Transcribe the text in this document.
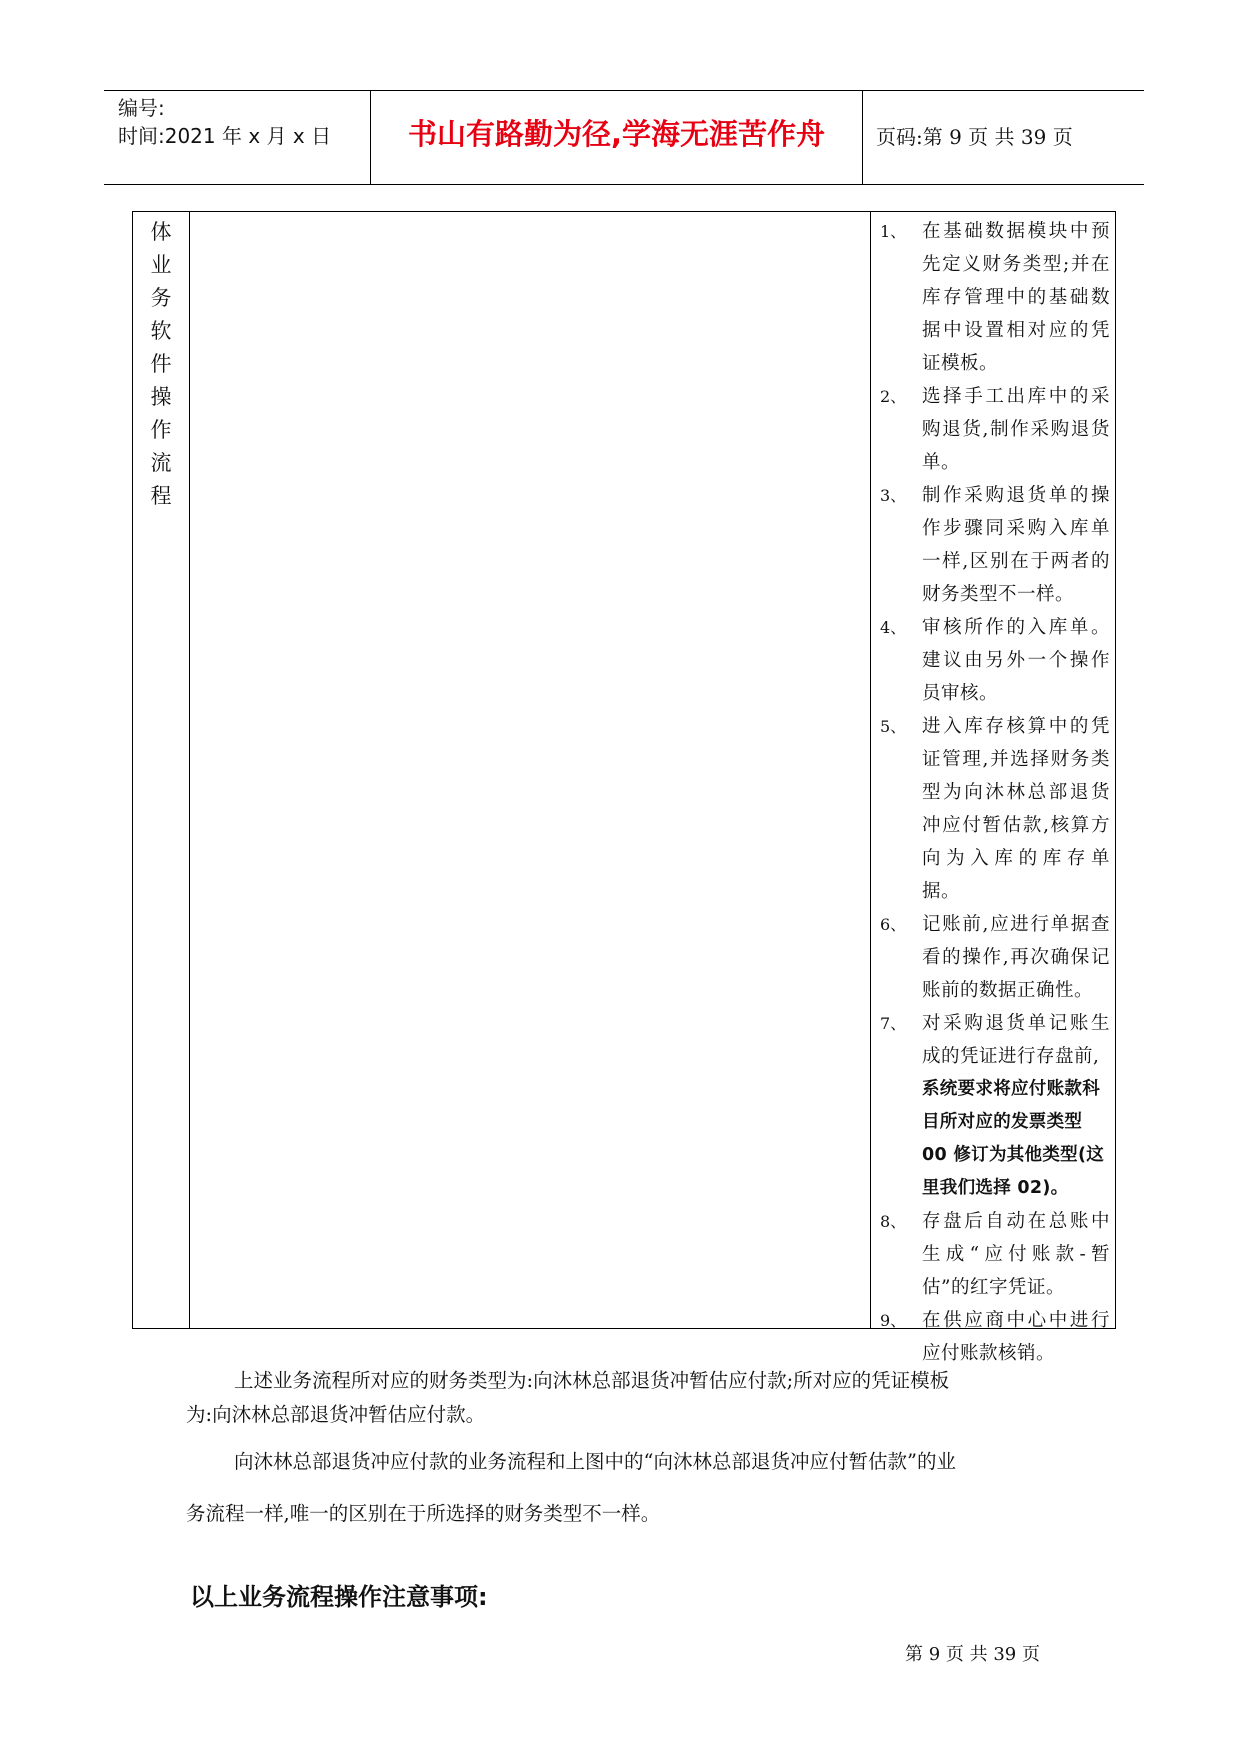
编号:
时间:2021 年 x 月 x 日	书山有路勤为径,学海无涯苦作舟	页码:第 9 页 共 39 页
体
业
务
软
件
操
作
流
程
1、 在基础数据模块中预先定义财务类型;并在库存管理中的基础数据中设置相对应的凭证模板。
2、 选择手工出库中的采购退货,制作采购退货单。
3、 制作采购退货单的操作步骤同采购入库单一样,区别在于两者的财务类型不一样。
4、 审核所作的入库单。建议由另外一个操作员审核。
5、 进入库存核算中的凭证管理,并选择财务类型为向沐林总部退货冲应付暂估款,核算方向为入库的库存单据。
6、 记账前,应进行单据查看的操作,再次确保记账前的数据正确性。
7、 对采购退货单记账生成的凭证进行存盘前,
系统要求将应付账款科目所对应的发票类型 00 修订为其他类型(这里我们选择 02)。
8、 存盘后自动在总账中生成“应付账款-暂估”的红字凭证。
9、 在供应商中心中进行应付账款核销。
上述业务流程所对应的财务类型为:向沐林总部退货冲暂估应付款;所对应的凭证模板
为:向沐林总部退货冲暂估应付款。
向沐林总部退货冲应付款的业务流程和上图中的“向沐林总部退货冲应付暂估款”的业
务流程一样,唯一的区别在于所选择的财务类型不一样。
以上业务流程操作注意事项:
第 9 页 共 39 页
